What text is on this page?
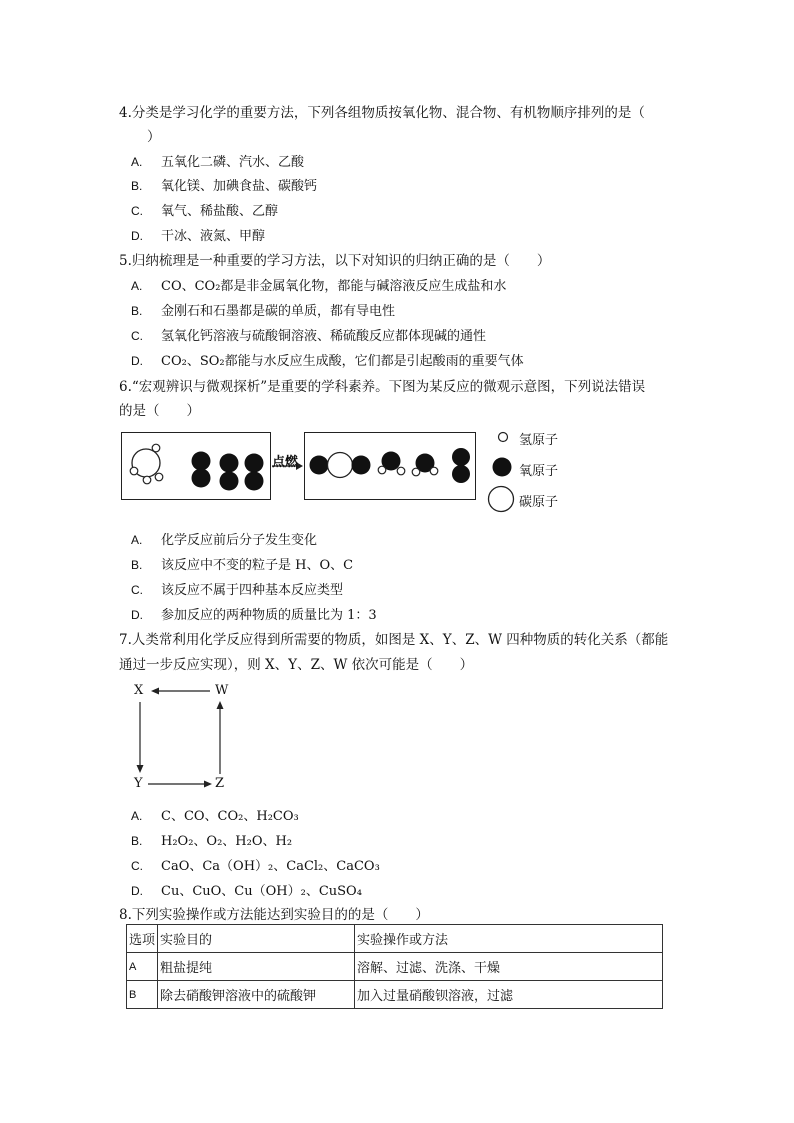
4.分类是学习化学的重要方法，下列各组物质按氧化物、混合物、有机物顺序排列的是（
）
A. 五氧化二磷、汽水、乙酸
B. 氧化镁、加碘食盐、碳酸钙
C. 氧气、稀盐酸、乙醇
D. 干冰、液氮、甲醇
5.归纳梳理是一种重要的学习方法，以下对知识的归纳正确的是（　　）
A. CO、CO₂都是非金属氧化物，都能与碱溶液反应生成盐和水
B. 金刚石和石墨都是碳的单质，都有导电性
C. 氢氧化钙溶液与硫酸铜溶液、稀硫酸反应都体现碱的通性
D. CO₂、SO₂都能与水反应生成酸，它们都是引起酸雨的重要气体
6.“宏观辨识与微观探析”是重要的学科素养。下图为某反应的微观示意图，下列说法错误
的是（　　）
点燃
氢原子
氧原子
碳原子
A. 化学反应前后分子发生变化
B. 该反应中不变的粒子是 H、O、C
C. 该反应不属于四种基本反应类型
D. 参加反应的两种物质的质量比为 1：3
7.人类常利用化学反应得到所需要的物质，如图是 X、Y、Z、W 四种物质的转化关系（都能
通过一步反应实现），则 X、Y、Z、W 依次可能是（　　）
X	W
Y	Z
A. C、CO、CO₂、H₂CO₃
B. H₂O₂、O₂、H₂O、H₂
C. CaO、Ca（OH）₂、CaCl₂、CaCO₃
D. Cu、CuO、Cu（OH）₂、CuSO₄
8.下列实验操作或方法能达到实验目的的是（　　）
选项	实验目的	实验操作或方法
A	粗盐提纯	溶解、过滤、洗涤、干燥
B	除去硝酸钾溶液中的硫酸钾	加入过量硝酸钡溶液，过滤
